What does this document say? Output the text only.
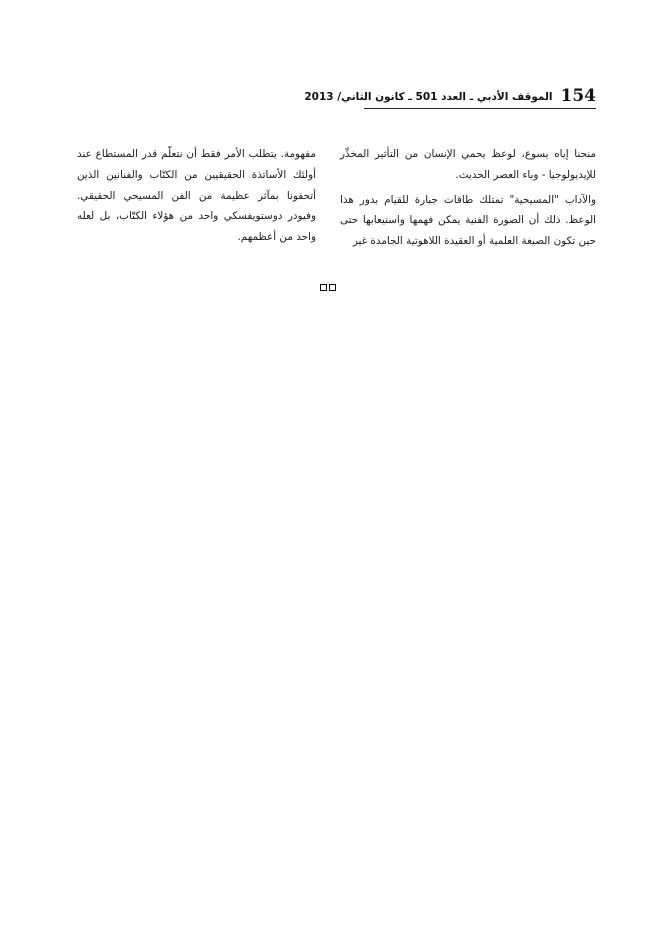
154
الموقف الأدبي ـ العدد 501 ـ كانون الثاني/ 2013

منحنا إياه يسوع، لوعظ يحمي الإنسان من التأثير المخدِّر للإيديولوجيا - وباء العصر الحديث.

والآداب "المسيحية" تمتلك طاقات جبارة للقيام بدور هذا الوعظ. ذلك أن الصورة الفنية يمكن فهمها واستيعابها حتى حين تكون الصيغة العلمية أو العقيدة اللاهوتية الجامدة غير

مفهومة. يتطلب الأمر فقط أن نتعلّم قدر المستطاع عند أولئك الأساتذة الحقيقيين من الكتّاب والفنانين الذين أتحفونا بمآثر عظيمة من الفن المسيحي الحقيقي. وفيودر دوستويفسكي واحد من هؤلاء الكتّاب، بل لعله واحد من أعظمهم.
